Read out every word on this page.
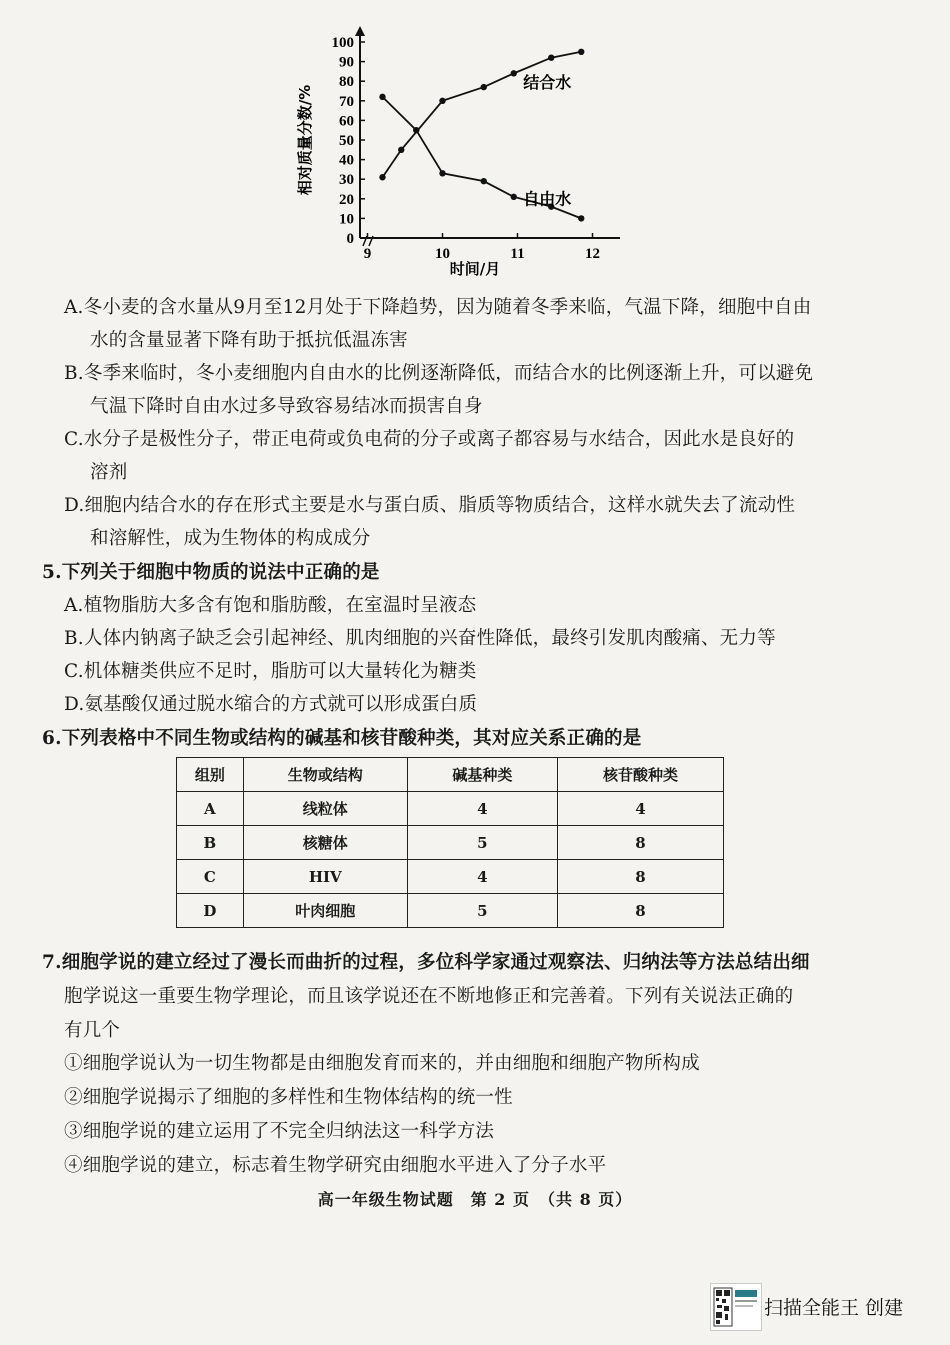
0
10
20
30
40
50
60
70
80
90
100
9	10	11	12
相对质量分数/%
时间/月
结合水
自由水
A.冬小麦的含水量从9月至12月处于下降趋势，因为随着冬季来临，气温下降，细胞中自由
水的含量显著下降有助于抵抗低温冻害
B.冬季来临时，冬小麦细胞内自由水的比例逐渐降低，而结合水的比例逐渐上升，可以避免
气温下降时自由水过多导致容易结冰而损害自身
C.水分子是极性分子，带正电荷或负电荷的分子或离子都容易与水结合，因此水是良好的
溶剂
D.细胞内结合水的存在形式主要是水与蛋白质、脂质等物质结合，这样水就失去了流动性
和溶解性，成为生物体的构成成分
5.下列关于细胞中物质的说法中正确的是
A.植物脂肪大多含有饱和脂肪酸，在室温时呈液态
B.人体内钠离子缺乏会引起神经、肌肉细胞的兴奋性降低，最终引发肌肉酸痛、无力等
C.机体糖类供应不足时，脂肪可以大量转化为糖类
D.氨基酸仅通过脱水缩合的方式就可以形成蛋白质
6.下列表格中不同生物或结构的碱基和核苷酸种类，其对应关系正确的是
组别	生物或结构	碱基种类	核苷酸种类
A	线粒体	4	4
B	核糖体	5	8
C	HIV	4	8
D	叶肉细胞	5	8
7.细胞学说的建立经过了漫长而曲折的过程，多位科学家通过观察法、归纳法等方法总结出细
胞学说这一重要生物学理论，而且该学说还在不断地修正和完善着。下列有关说法正确的
有几个
①细胞学说认为一切生物都是由细胞发育而来的，并由细胞和细胞产物所构成
②细胞学说揭示了细胞的多样性和生物体结构的统一性
③细胞学说的建立运用了不完全归纳法这一科学方法
④细胞学说的建立，标志着生物学研究由细胞水平进入了分子水平
高一年级生物试题　第 2 页　（共 8 页）
扫描全能王 创建
